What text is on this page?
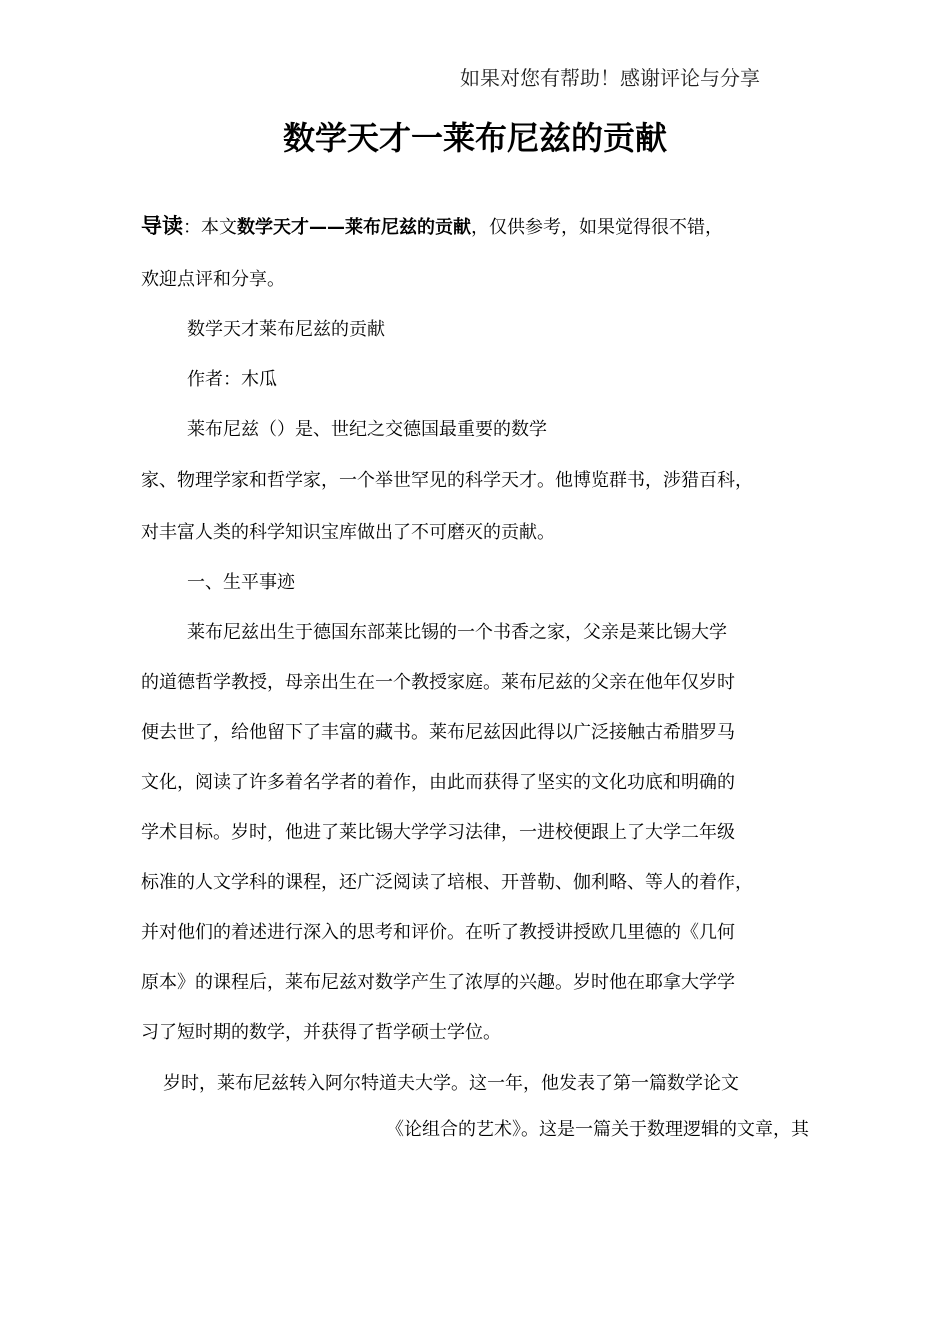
如果对您有帮助！感谢评论与分享
数学天才一莱布尼兹的贡献
导读：本文数学天才——莱布尼兹的贡献，仅供参考，如果觉得很不错，
欢迎点评和分享。
数学天才莱布尼兹的贡献
作者：木瓜
莱布尼兹（）是、世纪之交德国最重要的数学
家、物理学家和哲学家，一个举世罕见的科学天才。他博览群书，涉猎百科，
对丰富人类的科学知识宝库做出了不可磨灭的贡献。
一、生平事迹
莱布尼兹出生于德国东部莱比锡的一个书香之家，父亲是莱比锡大学
的道德哲学教授，母亲出生在一个教授家庭。莱布尼兹的父亲在他年仅岁时
便去世了，给他留下了丰富的藏书。莱布尼兹因此得以广泛接触古希腊罗马
文化，阅读了许多着名学者的着作，由此而获得了坚实的文化功底和明确的
学术目标。岁时，他进了莱比锡大学学习法律，一进校便跟上了大学二年级
标准的人文学科的课程，还广泛阅读了培根、开普勒、伽利略、等人的着作，
并对他们的着述进行深入的思考和评价。在听了教授讲授欧几里德的《几何
原本》的课程后，莱布尼兹对数学产生了浓厚的兴趣。岁时他在耶拿大学学
习了短时期的数学，并获得了哲学硕士学位。
岁时，莱布尼兹转入阿尔特道夫大学。这一年，他发表了第一篇数学论文
《论组合的艺术》。这是一篇关于数理逻辑的文章，其
